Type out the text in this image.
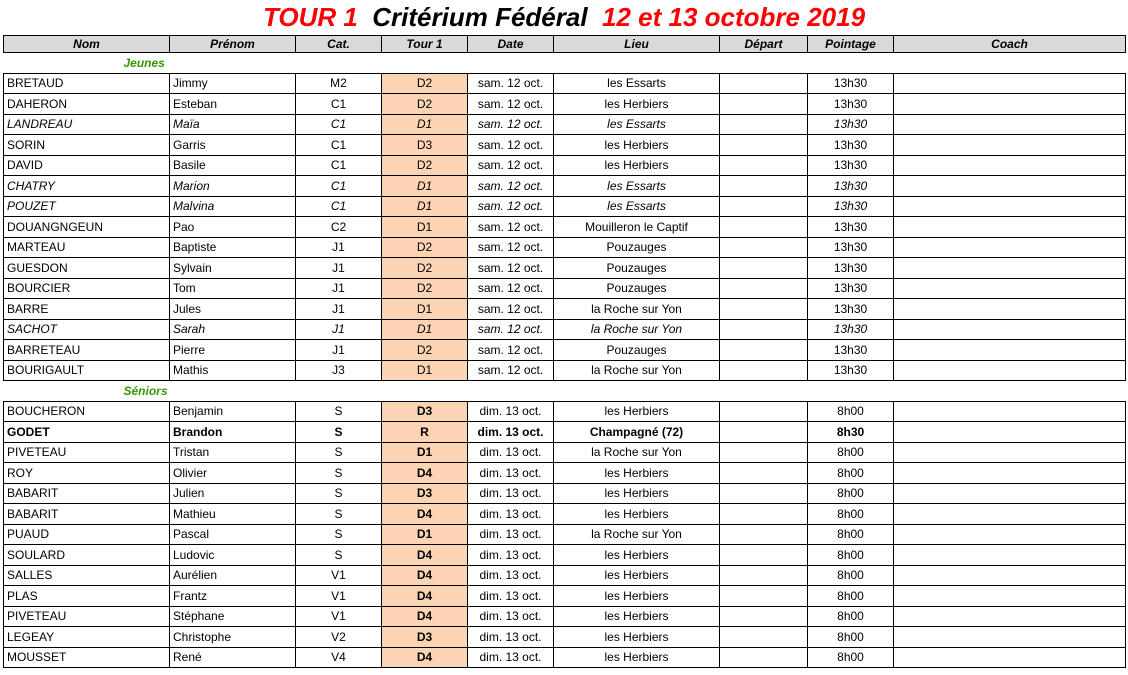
TOUR 1 Critérium Fédéral 12 et 13 octobre 2019
Nom	Prénom	Cat.	Tour 1	Date	Lieu	Départ	Pointage	Coach
Jeunes								
BRETAUD	Jimmy	M2	D2	sam. 12 oct.	les Essarts		13h30	
DAHERON	Esteban	C1	D2	sam. 12 oct.	les Herbiers		13h30	
LANDREAU	Maïa	C1	D1	sam. 12 oct.	les Essarts		13h30	
SORIN	Garris	C1	D3	sam. 12 oct.	les Herbiers		13h30	
DAVID	Basile	C1	D2	sam. 12 oct.	les Herbiers		13h30	
CHATRY	Marion	C1	D1	sam. 12 oct.	les Essarts		13h30	
POUZET	Malvina	C1	D1	sam. 12 oct.	les Essarts		13h30	
DOUANGNGEUN	Pao	C2	D1	sam. 12 oct.	Mouilleron le Captif		13h30	
MARTEAU	Baptiste	J1	D2	sam. 12 oct.	Pouzauges		13h30	
GUESDON	Sylvain	J1	D2	sam. 12 oct.	Pouzauges		13h30	
BOURCIER	Tom	J1	D2	sam. 12 oct.	Pouzauges		13h30	
BARRE	Jules	J1	D1	sam. 12 oct.	la Roche sur Yon		13h30	
SACHOT	Sarah	J1	D1	sam. 12 oct.	la Roche sur Yon		13h30	
BARRETEAU	Pierre	J1	D2	sam. 12 oct.	Pouzauges		13h30	
BOURIGAULT	Mathis	J3	D1	sam. 12 oct.	la Roche sur Yon		13h30	
Séniors								
BOUCHERON	Benjamin	S	D3	dim. 13 oct.	les Herbiers		8h00	
GODET	Brandon	S	R	dim. 13 oct.	Champagné (72)		8h30	
PIVETEAU	Tristan	S	D1	dim. 13 oct.	la Roche sur Yon		8h00	
ROY	Olivier	S	D4	dim. 13 oct.	les Herbiers		8h00	
BABARIT	Julien	S	D3	dim. 13 oct.	les Herbiers		8h00	
BABARIT	Mathieu	S	D4	dim. 13 oct.	les Herbiers		8h00	
PUAUD	Pascal	S	D1	dim. 13 oct.	la Roche sur Yon		8h00	
SOULARD	Ludovic	S	D4	dim. 13 oct.	les Herbiers		8h00	
SALLES	Aurélien	V1	D4	dim. 13 oct.	les Herbiers		8h00	
PLAS	Frantz	V1	D4	dim. 13 oct.	les Herbiers		8h00	
PIVETEAU	Stéphane	V1	D4	dim. 13 oct.	les Herbiers		8h00	
LEGEAY	Christophe	V2	D3	dim. 13 oct.	les Herbiers		8h00	
MOUSSET	René	V4	D4	dim. 13 oct.	les Herbiers		8h00	
